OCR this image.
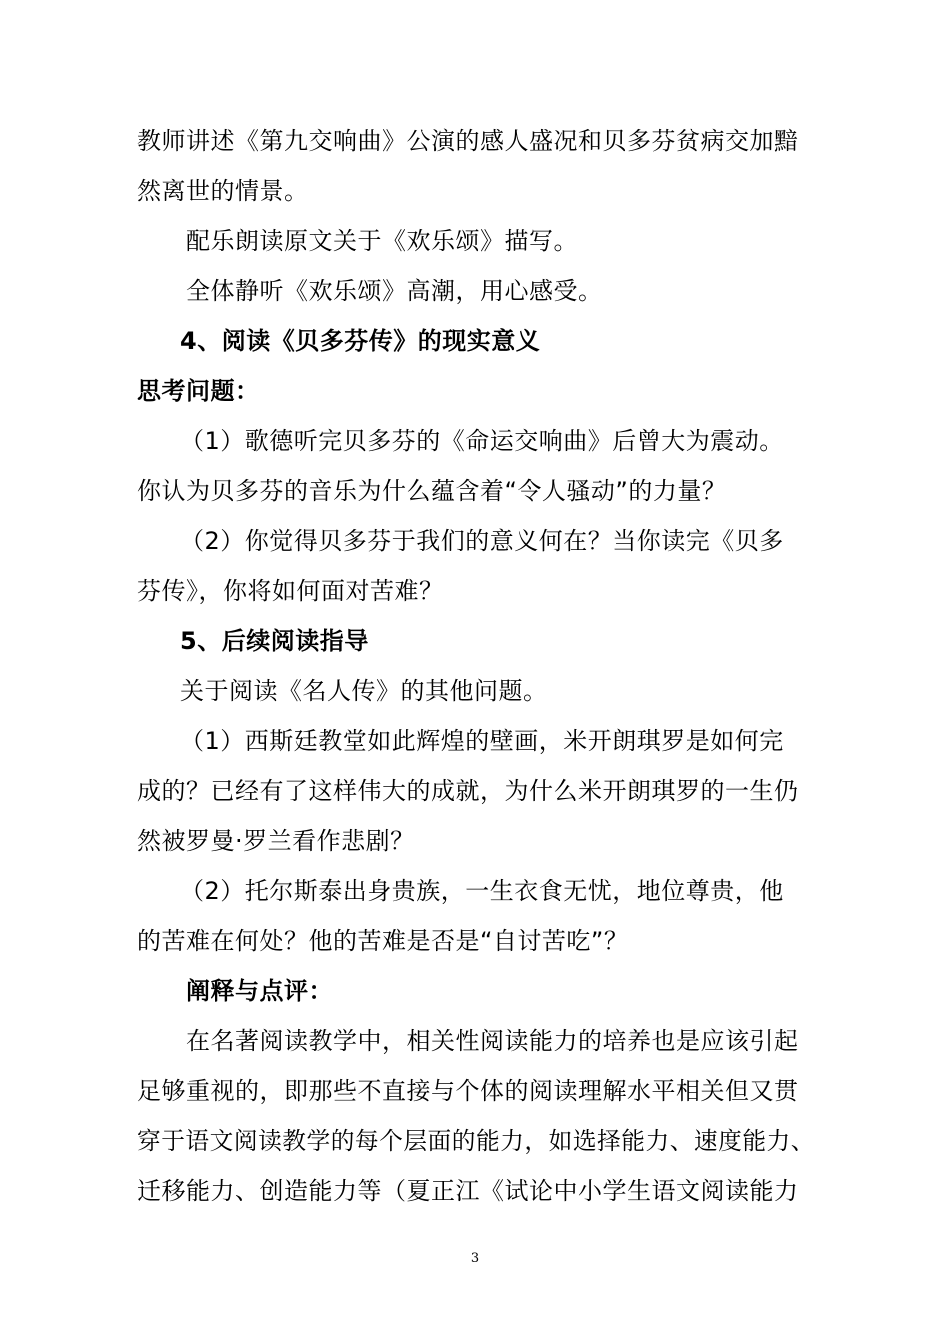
教师讲述《第九交响曲》公演的感人盛况和贝多芬贫病交加黯
然离世的情景。
配乐朗读原文关于《欢乐颂》描写。
全体静听《欢乐颂》高潮，用心感受。
4、阅读《贝多芬传》的现实意义
思考问题：
（1）歌德听完贝多芬的《命运交响曲》后曾大为震动。
你认为贝多芬的音乐为什么蕴含着“令人骚动”的力量？
（2）你觉得贝多芬于我们的意义何在？当你读完《贝多
芬传》，你将如何面对苦难？
5、后续阅读指导
关于阅读《名人传》的其他问题。
（1）西斯廷教堂如此辉煌的壁画，米开朗琪罗是如何完
成的？已经有了这样伟大的成就，为什么米开朗琪罗的一生仍
然被罗曼·罗兰看作悲剧？
（2）托尔斯泰出身贵族，一生衣食无忧，地位尊贵，他
的苦难在何处？他的苦难是否是“自讨苦吃”？
阐释与点评：
在名著阅读教学中，相关性阅读能力的培养也是应该引起
足够重视的，即那些不直接与个体的阅读理解水平相关但又贯
穿于语文阅读教学的每个层面的能力，如选择能力、速度能力、
迁移能力、创造能力等（夏正江《试论中小学生语文阅读能力
3
